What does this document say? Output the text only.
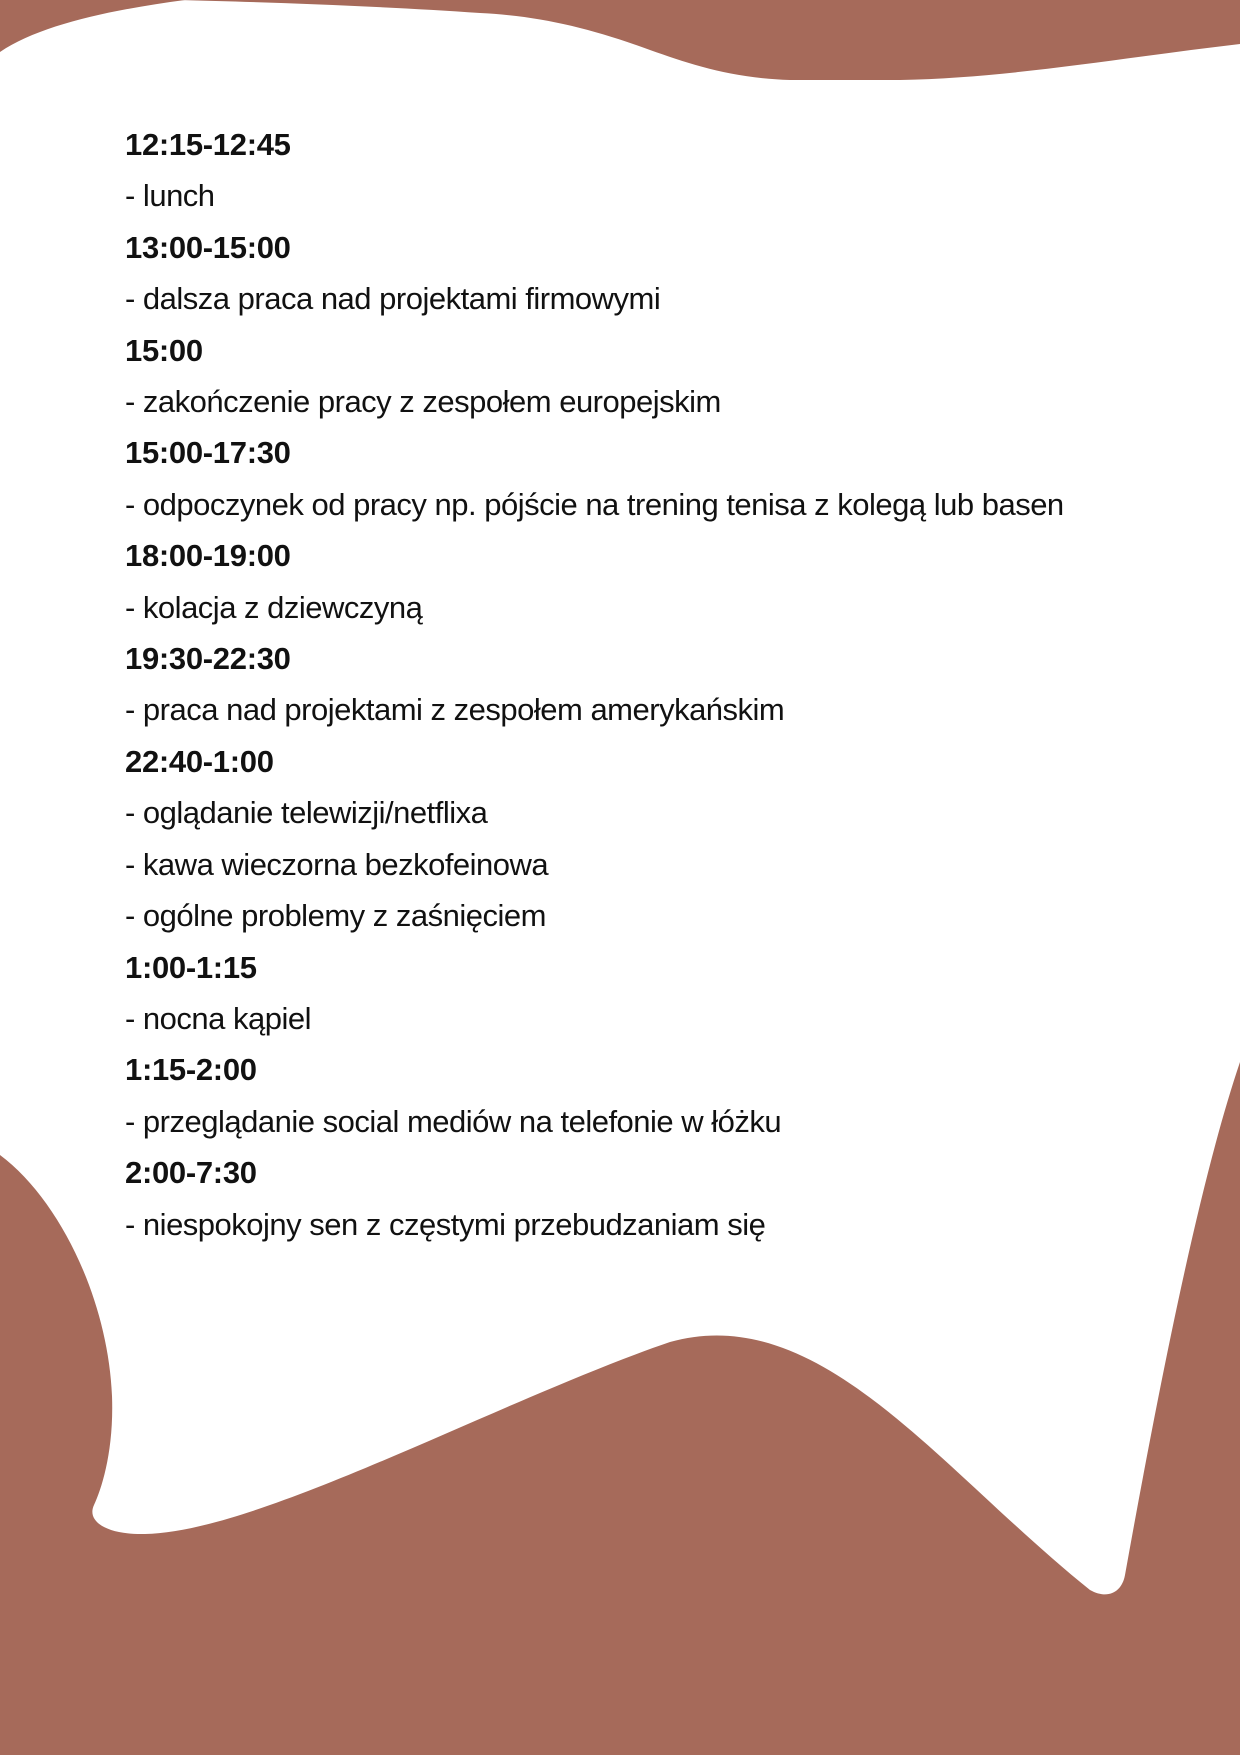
12:15-12:45

- lunch

13:00-15:00

- dalsza praca nad projektami firmowymi

15:00

- zakończenie pracy z zespołem europejskim

15:00-17:30

- odpoczynek od pracy np. pójście na trening tenisa z kolegą lub basen

18:00-19:00

- kolacja z dziewczyną

19:30-22:30

- praca nad projektami z zespołem amerykańskim

22:40-1:00

- oglądanie telewizji/netflixa

- kawa wieczorna bezkofeinowa

- ogólne problemy z zaśnięciem

1:00-1:15

- nocna kąpiel

1:15-2:00

- przeglądanie social mediów na telefonie w łóżku

2:00-7:30

- niespokojny sen z częstymi przebudzaniam się
